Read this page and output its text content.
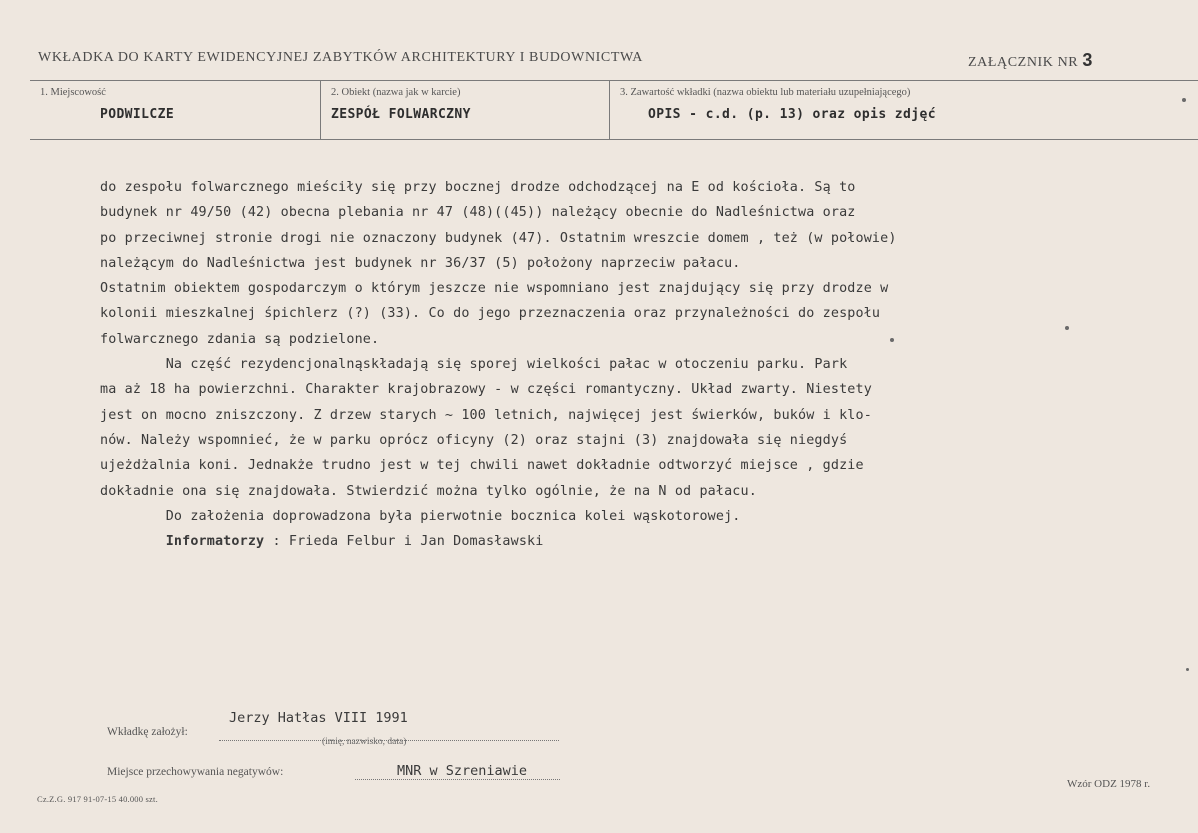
WKŁADKA DO KARTY EWIDENCYJNEJ ZABYTKÓW ARCHITEKTURY I BUDOWNICTWA	ZAŁĄCZNIK NR 3
1. Miejscowość
PODWILCZE
2. Obiekt (nazwa jak w karcie)
ZESPÓŁ FOLWARCZNY
3. Zawartość wkładki (nazwa obiektu lub materiału uzupełniającego)
OPIS - c.d. (p. 13) oraz opis zdjęć
do zespołu folwarcznego mieściły się przy bocznej drodze odchodzącej na E od kościoła. Są to
budynek nr 49/50 (42) obecna plebania nr 47 (48)((45)) należący obecnie do Nadleśnictwa oraz
po przeciwnej stronie drogi nie oznaczony budynek (47). Ostatnim wreszcie domem , też (w połowie)
należącym do Nadleśnictwa jest budynek nr 36/37 (5) położony naprzeciw pałacu.
Ostatnim obiektem gospodarczym o którym jeszcze nie wspomniano jest znajdujący się przy drodze w
kolonii mieszkalnej śpichlerz (?) (33). Co do jego przeznaczenia oraz przynależności do zespołu
folwarcznego zdania są podzielone.
Na część rezydencjonalnąskładają się sporej wielkości pałac w otoczeniu parku. Park
ma aż 18 ha powierzchni. Charakter krajobrazowy - w części romantyczny. Układ zwarty. Niestety
jest on mocno zniszczony. Z drzew starych ~ 100 letnich, najwięcej jest świerków, buków i klo-
nów. Należy wspomnieć, że w parku oprócz oficyny (2) oraz stajni (3) znajdowała się niegdyś
ujeżdżalnia koni. Jednakże trudno jest w tej chwili nawet dokładnie odtworzyć miejsce , gdzie
dokładnie ona się znajdowała. Stwierdzić można tylko ogólnie, że na N od pałacu.
Do założenia doprowadzona była pierwotnie bocznica kolei wąskotorowej.
Informatorzy : Frieda Felbur i Jan Domasławski
Wkładkę założył:
Jerzy Hatłas VIII 1991
(imię, nazwisko, data)
Miejsce przechowywania negatywów:	MNR w Szreniawie
Cz.Z.G. 917 91-07-15 40.000 szt.
Wzór ODZ 1978 r.
